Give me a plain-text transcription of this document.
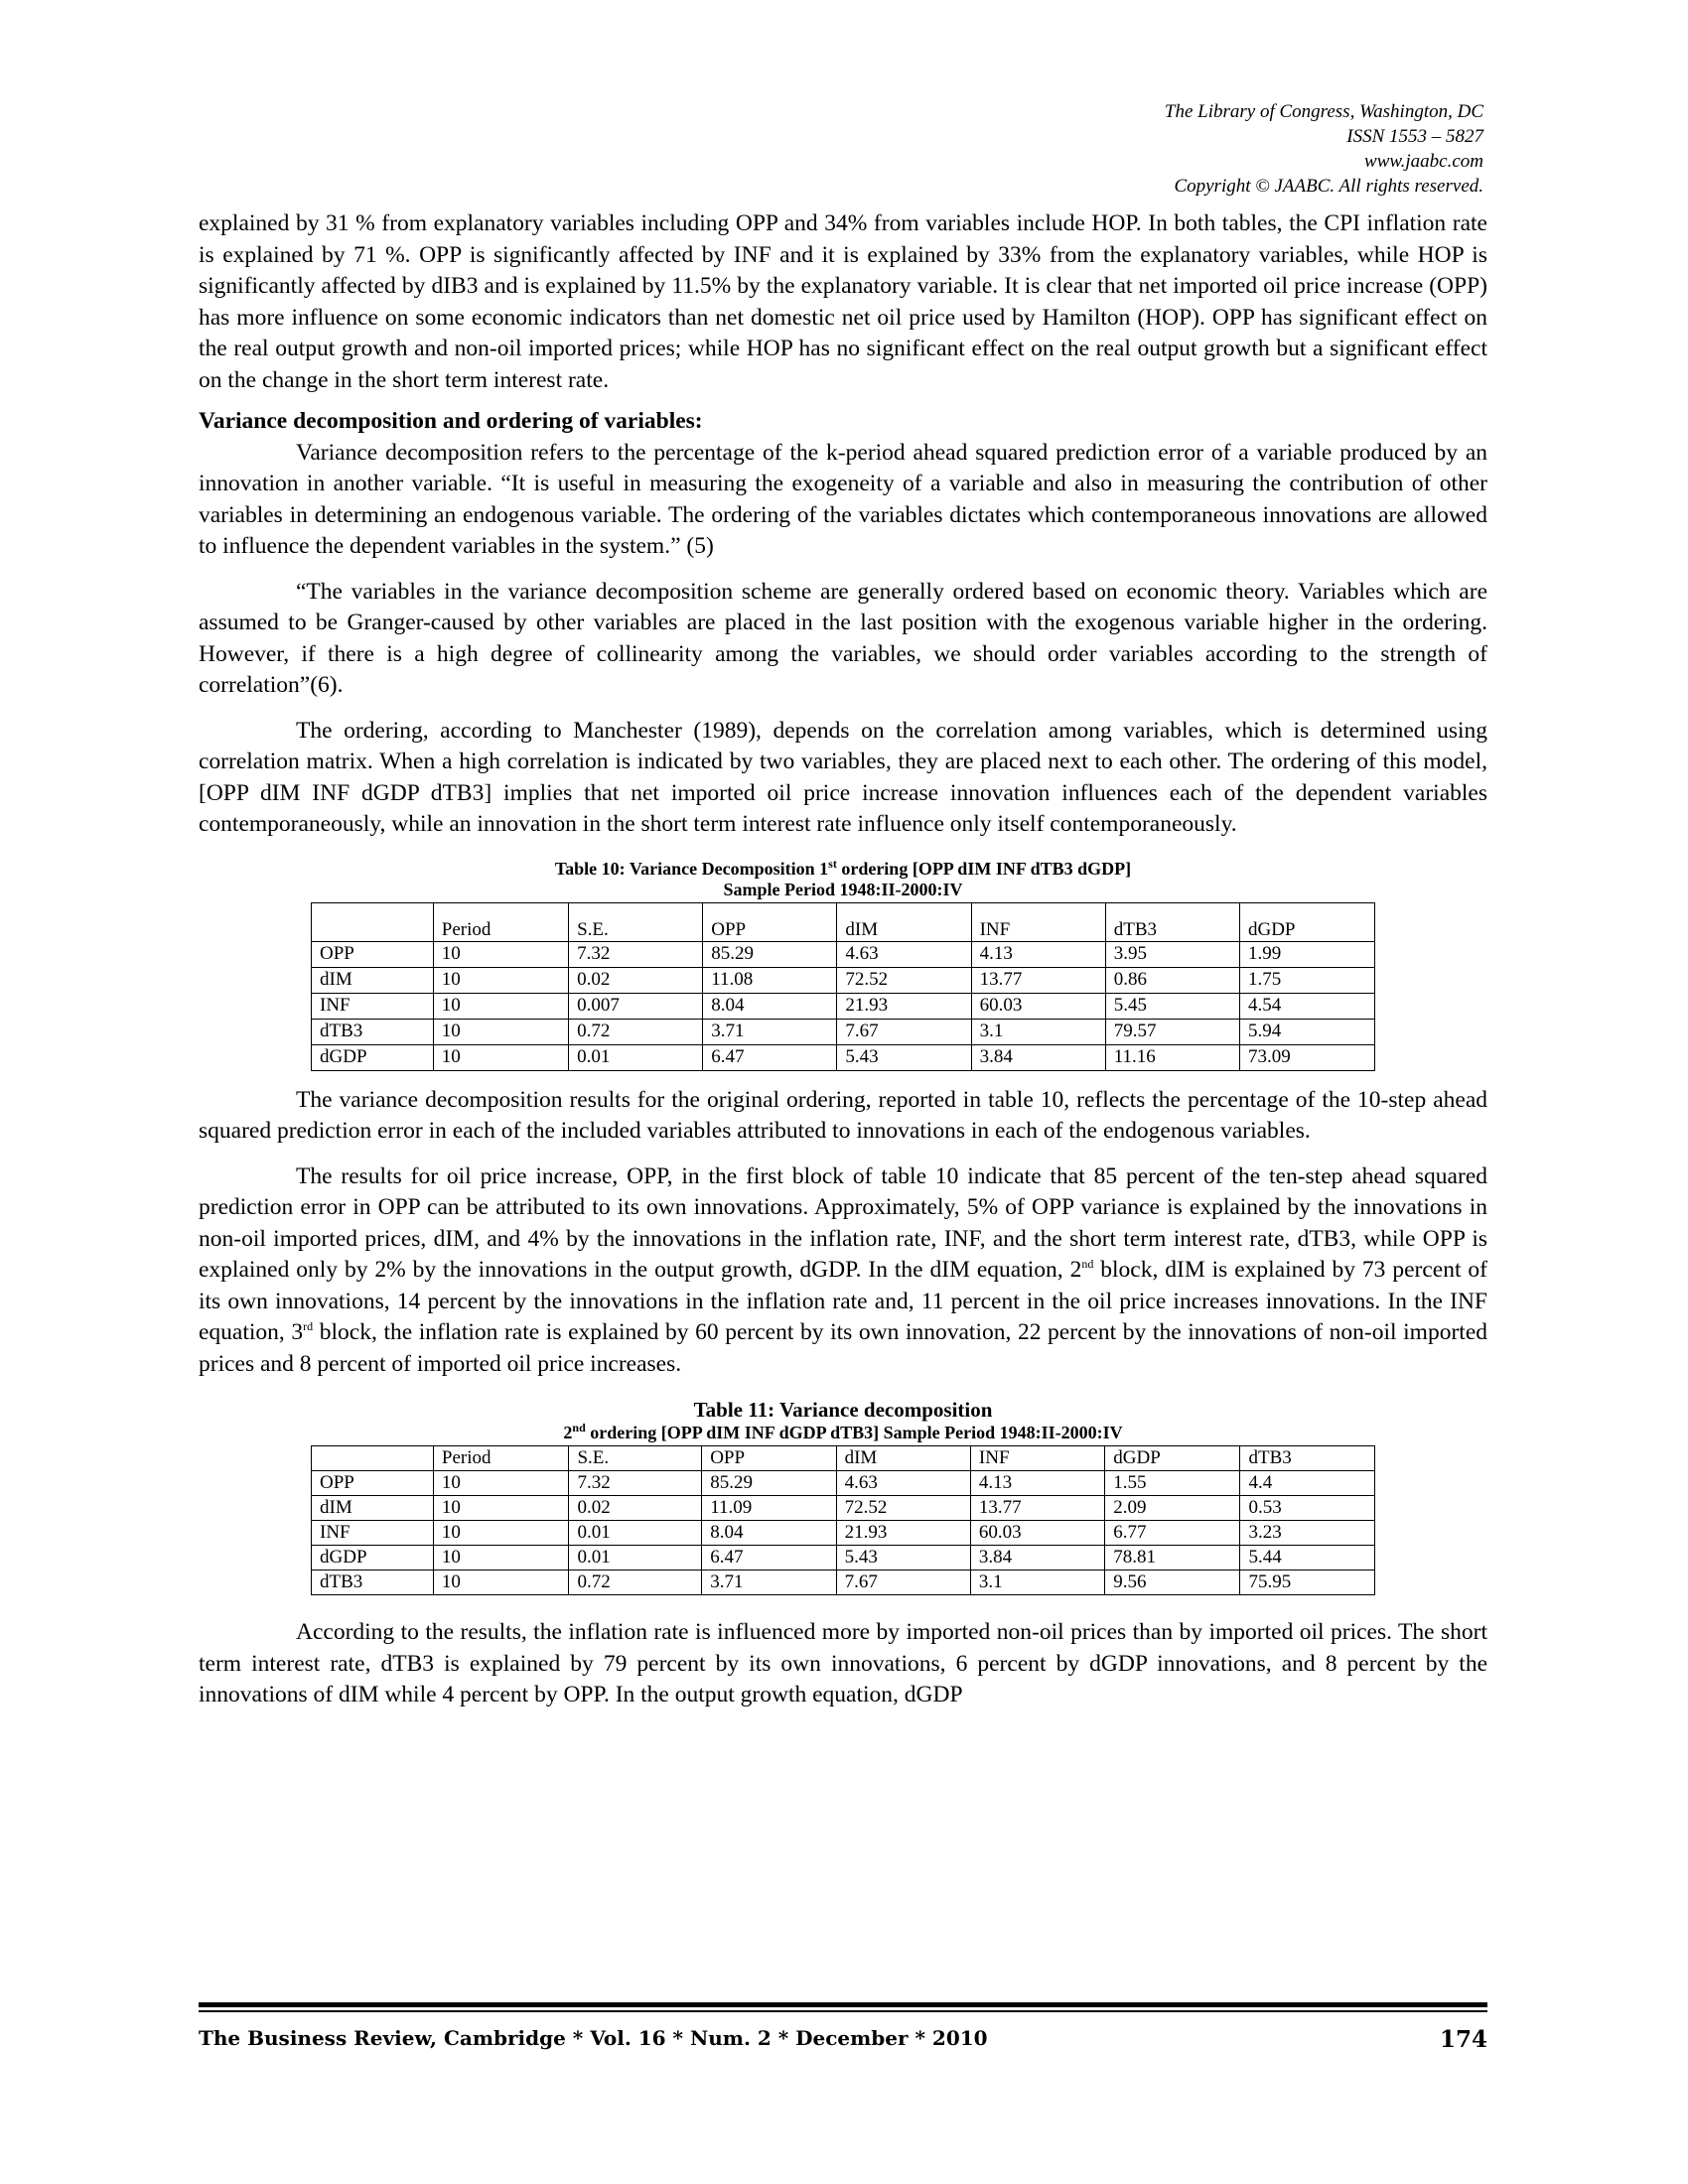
The Library of Congress, Washington, DC
ISSN 1553 – 5827
www.jaabc.com
Copyright © JAABC. All rights reserved.

explained by 31 % from explanatory variables including OPP and 34% from variables include HOP. In both tables, the CPI inflation rate is explained by 71 %. OPP is significantly affected by INF and it is explained by 33% from the explanatory variables, while HOP is significantly affected by dIB3 and is explained by 11.5% by the explanatory variable. It is clear that net imported oil price increase (OPP) has more influence on some economic indicators than net domestic net oil price used by Hamilton (HOP). OPP has significant effect on the real output growth and non-oil imported prices; while HOP has no significant effect on the real output growth but a significant effect on the change in the short term interest rate.

Variance decomposition and ordering of variables:

Variance decomposition refers to the percentage of the k-period ahead squared prediction error of a variable produced by an innovation in another variable. “It is useful in measuring the exogeneity of a variable and also in measuring the contribution of other variables in determining an endogenous variable. The ordering of the variables dictates which contemporaneous innovations are allowed to influence the dependent variables in the system.” (5)

“The variables in the variance decomposition scheme are generally ordered based on economic theory. Variables which are assumed to be Granger-caused by other variables are placed in the last position with the exogenous variable higher in the ordering. However, if there is a high degree of collinearity among the variables, we should order variables according to the strength of correlation”(6).

The ordering, according to Manchester (1989), depends on the correlation among variables, which is determined using correlation matrix. When a high correlation is indicated by two variables, they are placed next to each other. The ordering of this model, [OPP dIM INF dGDP dTB3] implies that net imported oil price increase innovation influences each of the dependent variables contemporaneously, while an innovation in the short term interest rate influence only itself contemporaneously.

Table 10: Variance Decomposition 1st ordering [OPP dIM INF dTB3 dGDP]
Sample Period 1948:II-2000:IV
	Period	S.E.	OPP	dIM	INF	dTB3	dGDP
OPP	10	7.32	85.29	4.63	4.13	3.95	1.99
dIM	10	0.02	11.08	72.52	13.77	0.86	1.75
INF	10	0.007	8.04	21.93	60.03	5.45	4.54
dTB3	10	0.72	3.71	7.67	3.1	79.57	5.94
dGDP	10	0.01	6.47	5.43	3.84	11.16	73.09

The variance decomposition results for the original ordering, reported in table 10, reflects the percentage of the 10-step ahead squared prediction error in each of the included variables attributed to innovations in each of the endogenous variables.

The results for oil price increase, OPP, in the first block of table 10 indicate that 85 percent of the ten-step ahead squared prediction error in OPP can be attributed to its own innovations. Approximately, 5% of OPP variance is explained by the innovations in non-oil imported prices, dIM, and 4% by the innovations in the inflation rate, INF, and the short term interest rate, dTB3, while OPP is explained only by 2% by the innovations in the output growth, dGDP. In the dIM equation, 2nd block, dIM is explained by 73 percent of its own innovations, 14 percent by the innovations in the inflation rate and, 11 percent in the oil price increases innovations. In the INF equation, 3rd block, the inflation rate is explained by 60 percent by its own innovation, 22 percent by the innovations of non-oil imported prices and 8 percent of imported oil price increases.

Table 11: Variance decomposition
2nd ordering [OPP dIM INF dGDP dTB3] Sample Period 1948:II-2000:IV
	Period	S.E.	OPP	dIM	INF	dGDP	dTB3
OPP	10	7.32	85.29	4.63	4.13	1.55	4.4
dIM	10	0.02	11.09	72.52	13.77	2.09	0.53
INF	10	0.01	8.04	21.93	60.03	6.77	3.23
dGDP	10	0.01	6.47	5.43	3.84	78.81	5.44
dTB3	10	0.72	3.71	7.67	3.1	9.56	75.95

According to the results, the inflation rate is influenced more by imported non-oil prices than by imported oil prices. The short term interest rate, dTB3 is explained by 79 percent by its own innovations, 6 percent by dGDP innovations, and 8 percent by the innovations of dIM while 4 percent by OPP. In the output growth equation, dGDP

The Business Review, Cambridge * Vol. 16 * Num. 2 * December * 2010	174
